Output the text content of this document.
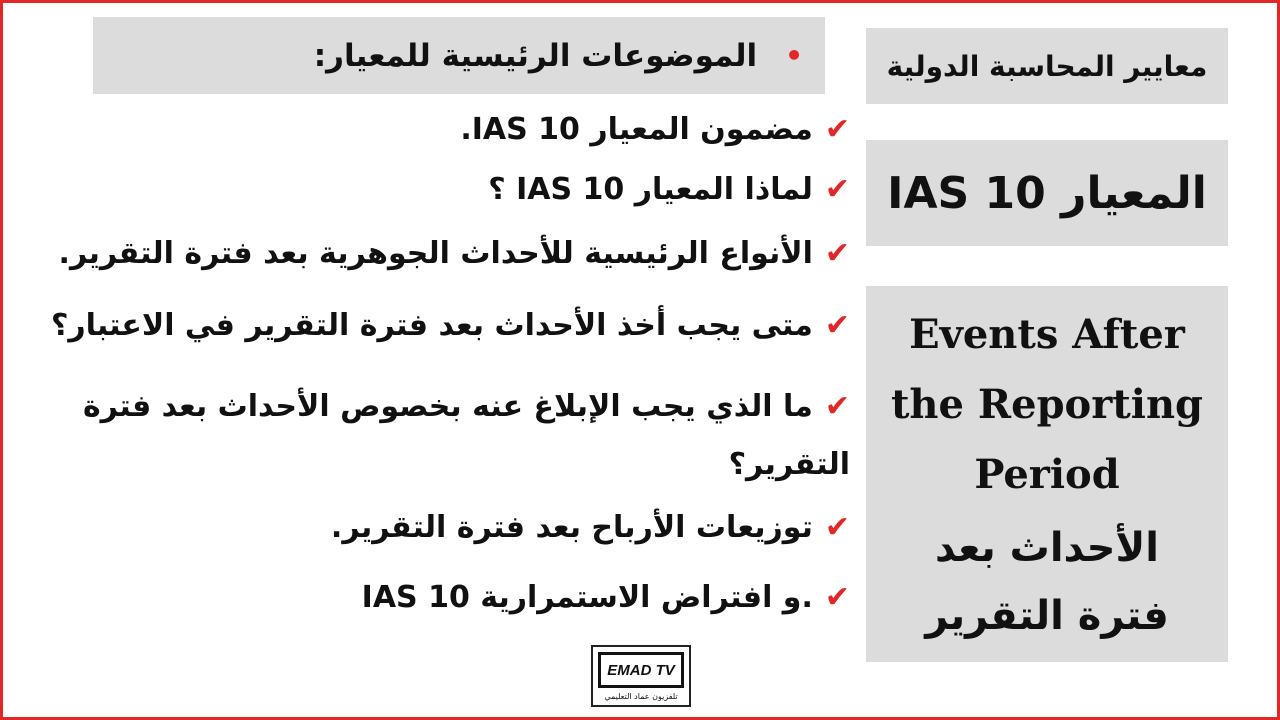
•
الموضوعات الرئيسية للمعيار:	معايير المحاسبة الدولية
المعيار IAS 10
Events After
the Reporting
Period
الأحداث بعد فترة التقرير
✔مضمون المعيار IAS 10.
✔لماذا المعيار IAS 10 ؟
✔الأنواع الرئيسية للأحداث الجوهرية بعد فترة التقرير.
✔متى يجب أخذ الأحداث بعد فترة التقرير في الاعتبار؟
✔ما الذي يجب الإبلاغ عنه بخصوص الأحداث بعد فترة التقرير؟
✔توزيعات الأرباح بعد فترة التقرير.
✔IAS 10 و افتراض الاستمرارية.
EMAD TV
تلفزيون عماد التعليمي
